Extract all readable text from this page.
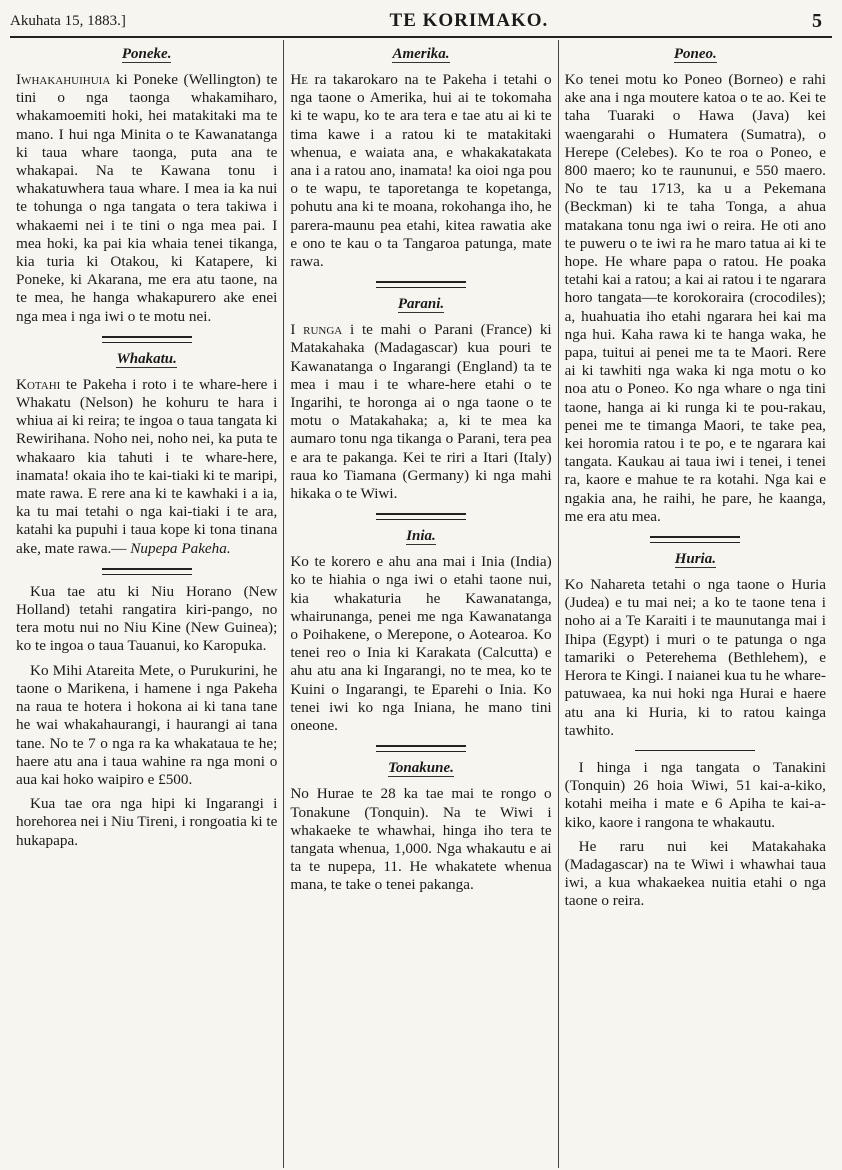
Akuhata 15, 1883.]	TE KORIMAKO.	5
Poneke.

Iwhakahuihuia ki Poneke (Wellington) te tini o nga taonga whakamiharo, whakamoemiti hoki, hei matakitaki ma te mano. I hui nga Minita o te Kawanatanga ki taua whare taonga, puta ana te whakapai. Na te Kawana tonu i whakatuwhera taua whare. I mea ia ka nui te tohunga o nga tangata o tera takiwa i whakaemi nei i te tini o nga mea pai. I mea hoki, ka pai kia whaia tenei tikanga, kia turia ki Otakou, ki Katapere, ki Poneke, ki Akarana, me era atu taone, na te mea, he hanga whakapurero ake enei nga mea i nga iwi o te motu nei.

Whakatu.

Kotahi te Pakeha i roto i te whare-here i Whakatu (Nelson) he kohuru te hara i whiua ai ki reira; te ingoa o taua tangata ki Rewirihana. Noho nei, noho nei, ka puta te whakaaro kia tahuti i te whare-here, inamata! okaia iho te kai-tiaki ki te maripi, mate rawa. E rere ana ki te kawhaki i a ia, ka tu mai tetahi o nga kai-tiaki i te ara, katahi ka pupuhi i taua kope ki tona tinana ake, mate rawa.— Nupepa Pakeha.

Kua tae atu ki Niu Horano (New Holland) tetahi rangatira kiri-pango, no tera motu nui no Niu Kine (New Guinea); ko te ingoa o taua Tauanui, ko Karopuka.

Ko Mihi Atareita Mete, o Purukurini, he taone o Marikena, i hamene i nga Pakeha na raua te hotera i hokona ai ki tana tane he wai whakahaurangi, i haurangi ai tana tane. No te 7 o nga ra ka whakataua te he; haere atu ana i taua wahine ra nga moni o aua kai hoko waipiro e £500.

Kua tae ora nga hipi ki Ingarangi i horehorea nei i Niu Tireni, i rongoatia ki te hukapapa.

Amerika.

He ra takarokaro na te Pakeha i tetahi o nga taone o Amerika, hui ai te tokomaha ki te wapu, ko te ara tera e tae atu ai ki te tima kawe i a ratou ki te matakitaki whenua, e waiata ana, e whakakatakata ana i a ratou ano, inamata! ka oioi nga pou o te wapu, te taporetanga te kopetanga, pohutu ana ki te moana, rokohanga iho, he parera-maunu pea etahi, kitea rawatia ake e ono te kau o ta Tangaroa patunga, mate rawa.

Parani.

I runga i te mahi o Parani (France) ki Matakahaka (Madagascar) kua pouri te Kawanatanga o Ingarangi (England) ta te mea i mau i te whare-here etahi o te Ingarihi, te horonga ai o nga taone o te motu o Matakahaka; a, ki te mea ka aumaro tonu nga tikanga o Parani, tera pea e ara te pakanga. Kei te riri a Itari (Italy) raua ko Tiamana (Germany) ki nga mahi hikaka o te Wiwi.

Inia.

Ko te korero e ahu ana mai i Inia (India) ko te hiahia o nga iwi o etahi taone nui, kia whakaturia he Kawanatanga, whairunanga, penei me nga Kawanatanga o Poihakene, o Merepone, o Aotearoa. Ko tenei reo o Inia ki Karakata (Calcutta) e ahu atu ana ki Ingarangi, no te mea, ko te Kuini o Ingarangi, te Eparehi o Inia. Ko tenei iwi ko nga Iniana, he mano tini oneone.

Tonakune.

No Hurae te 28 ka tae mai te rongo o Tonakune (Tonquin). Na te Wiwi i whakaeke te whawhai, hinga iho tera te tangata whenua, 1,000. Nga whakautu e ai ta te nupepa, 11. He whakatete whenua mana, te take o tenei pakanga.

Poneo.

Ko tenei motu ko Poneo (Borneo) e rahi ake ana i nga moutere katoa o te ao. Kei te taha Tuaraki o Hawa (Java) kei waengarahi o Humatera (Sumatra), o Herepe (Celebes). Ko te roa o Poneo, e 800 maero; ko te raununui, e 550 maero. No te tau 1713, ka u a Pekemana (Beckman) ki te taha Tonga, a ahua matakana tonu nga iwi o reira. He oti ano te puweru o te iwi ra he maro tatua ai ki te hope. He whare papa o ratou. He poaka tetahi kai a ratou; a kai ai ratou i te ngarara horo tangata—te korokoraira (crocodiles); a, huahuatia iho etahi ngarara hei kai ma nga hui. Kaha rawa ki te hanga waka, he papa, tuitui ai penei me ta te Maori. Rere ai ki tawhiti nga waka ki nga motu o ko noa atu o Poneo. Ko nga whare o nga tini taone, hanga ai ki runga ki te pou-rakau, penei me te timanga Maori, te take pea, kei horomia ratou i te po, e te ngarara kai tangata. Kaukau ai taua iwi i tenei, i tenei ra, kaore e mahue te ra kotahi. Nga kai e ngakia ana, he raihi, he pare, he kaanga, me era atu mea.

Huria.

Ko Nahareta tetahi o nga taone o Huria (Judea) e tu mai nei; a ko te taone tena i noho ai a Te Karaiti i te maunutanga mai i Ihipa (Egypt) i muri o te patunga o nga tamariki o Peterehema (Bethlehem), e Herora te Kingi. I naianei kua tu he whare-patuwaea, ka nui hoki nga Hurai e haere atu ana ki Huria, ki to ratou kainga tawhito.

I hinga i nga tangata o Tanakini (Tonquin) 26 hoia Wiwi, 51 kai-a-kiko, kotahi meiha i mate e 6 Apiha te kai-a-kiko, kaore i rangona te whakautu.

He raru nui kei Matakahaka (Madagascar) na te Wiwi i whawhai taua iwi, a kua whakaekea nuitia etahi o nga taone o reira.
